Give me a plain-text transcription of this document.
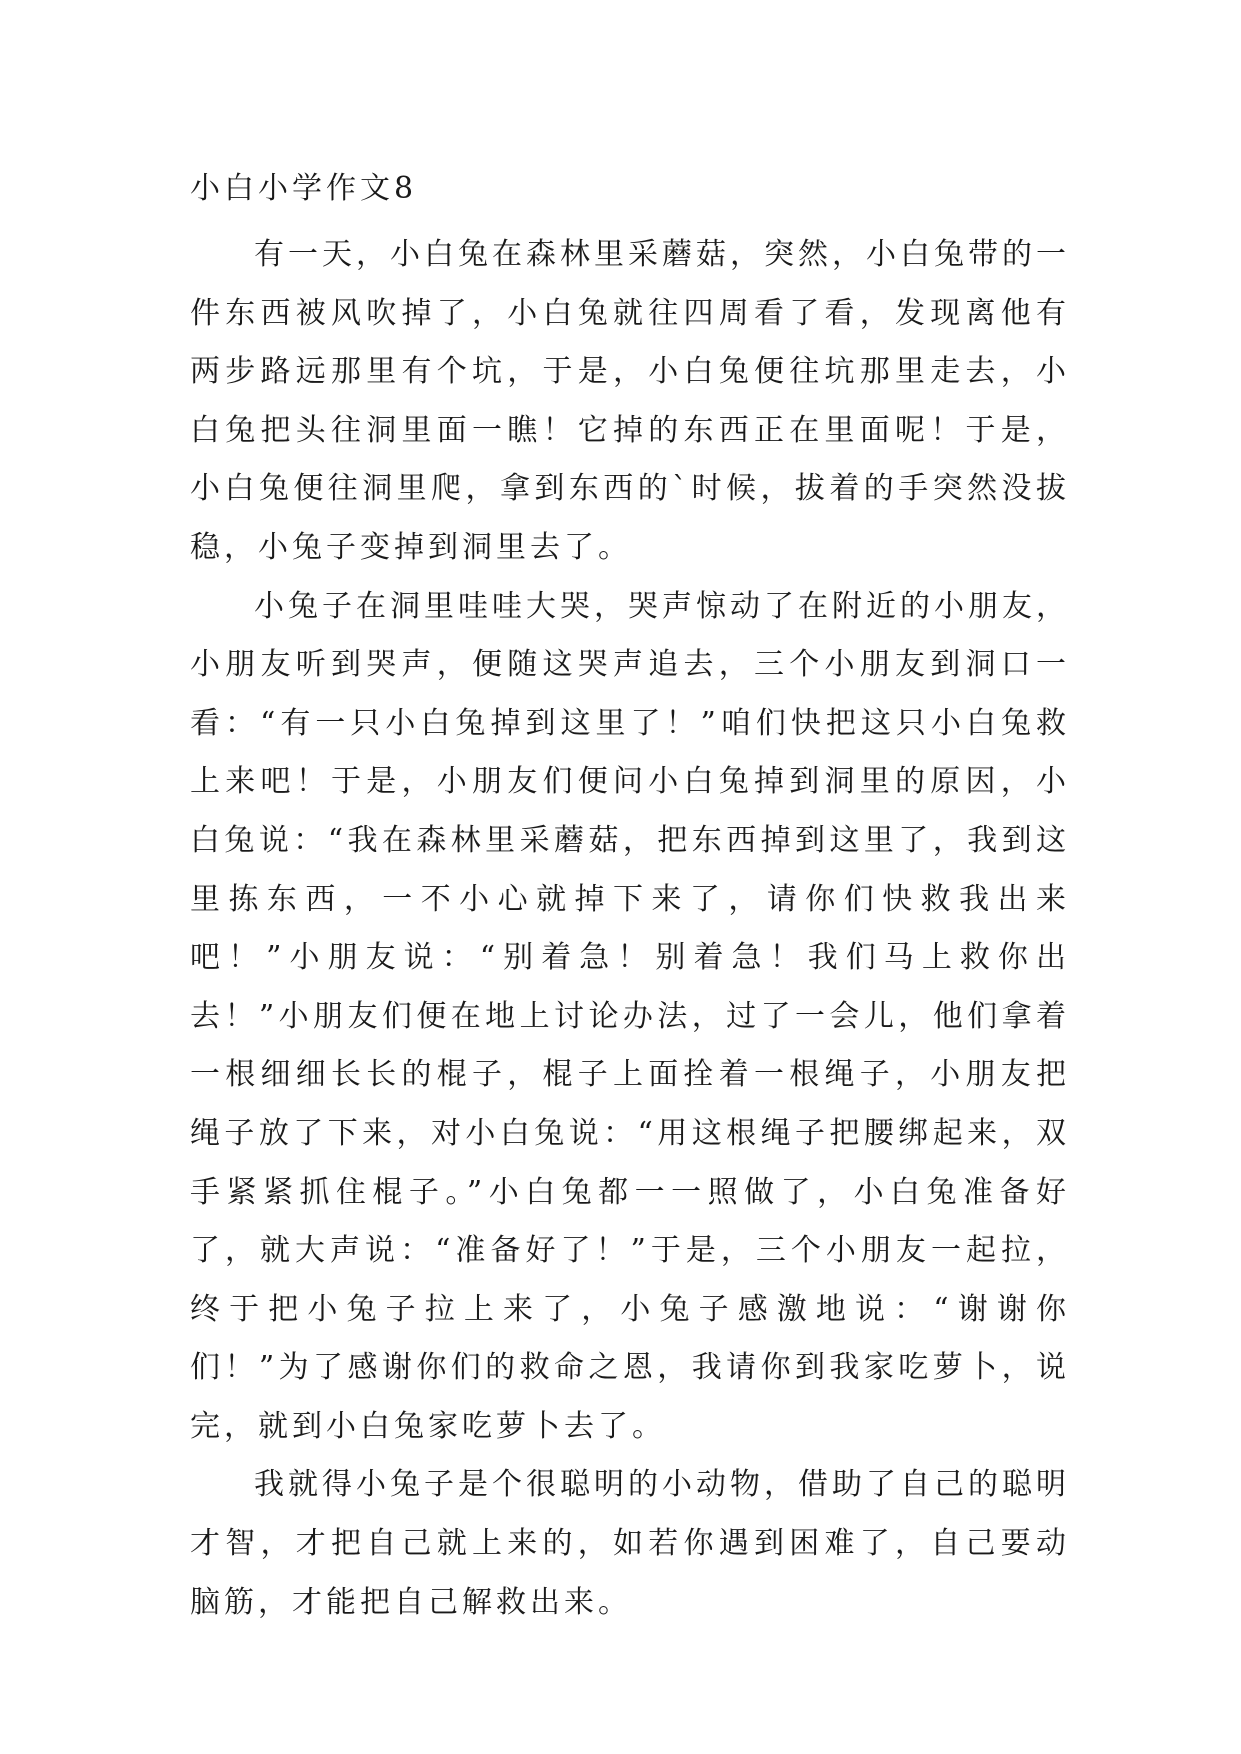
小白小学作文8

有一天，小白兔在森林里采蘑菇，突然，小白兔带的一件东西被风吹掉了，小白兔就往四周看了看，发现离他有两步路远那里有个坑，于是，小白兔便往坑那里走去，小白兔把头往洞里面一瞧！它掉的东西正在里面呢！于是，小白兔便往洞里爬，拿到东西的`时候，拔着的手突然没拔稳，小兔子变掉到洞里去了。

小兔子在洞里哇哇大哭，哭声惊动了在附近的小朋友，小朋友听到哭声，便随这哭声追去，三个小朋友到洞口一看：“有一只小白兔掉到这里了！”咱们快把这只小白兔救上来吧！于是，小朋友们便问小白兔掉到洞里的原因，小白兔说：“我在森林里采蘑菇，把东西掉到这里了，我到这里拣东西，一不小心就掉下来了，请你们快救我出来吧！”小朋友说：“别着急！别着急！我们马上救你出去！”小朋友们便在地上讨论办法，过了一会儿，他们拿着一根细细长长的棍子，棍子上面拴着一根绳子，小朋友把绳子放了下来，对小白兔说：“用这根绳子把腰绑起来，双手紧紧抓住棍子。”小白兔都一一照做了，小白兔准备好了，就大声说：“准备好了！”于是，三个小朋友一起拉，终于把小兔子拉上来了，小兔子感激地说：“谢谢你们！”为了感谢你们的救命之恩，我请你到我家吃萝卜，说完，就到小白兔家吃萝卜去了。

我就得小兔子是个很聪明的小动物，借助了自己的聪明才智，才把自己就上来的，如若你遇到困难了，自己要动脑筋，才能把自己解救出来。
